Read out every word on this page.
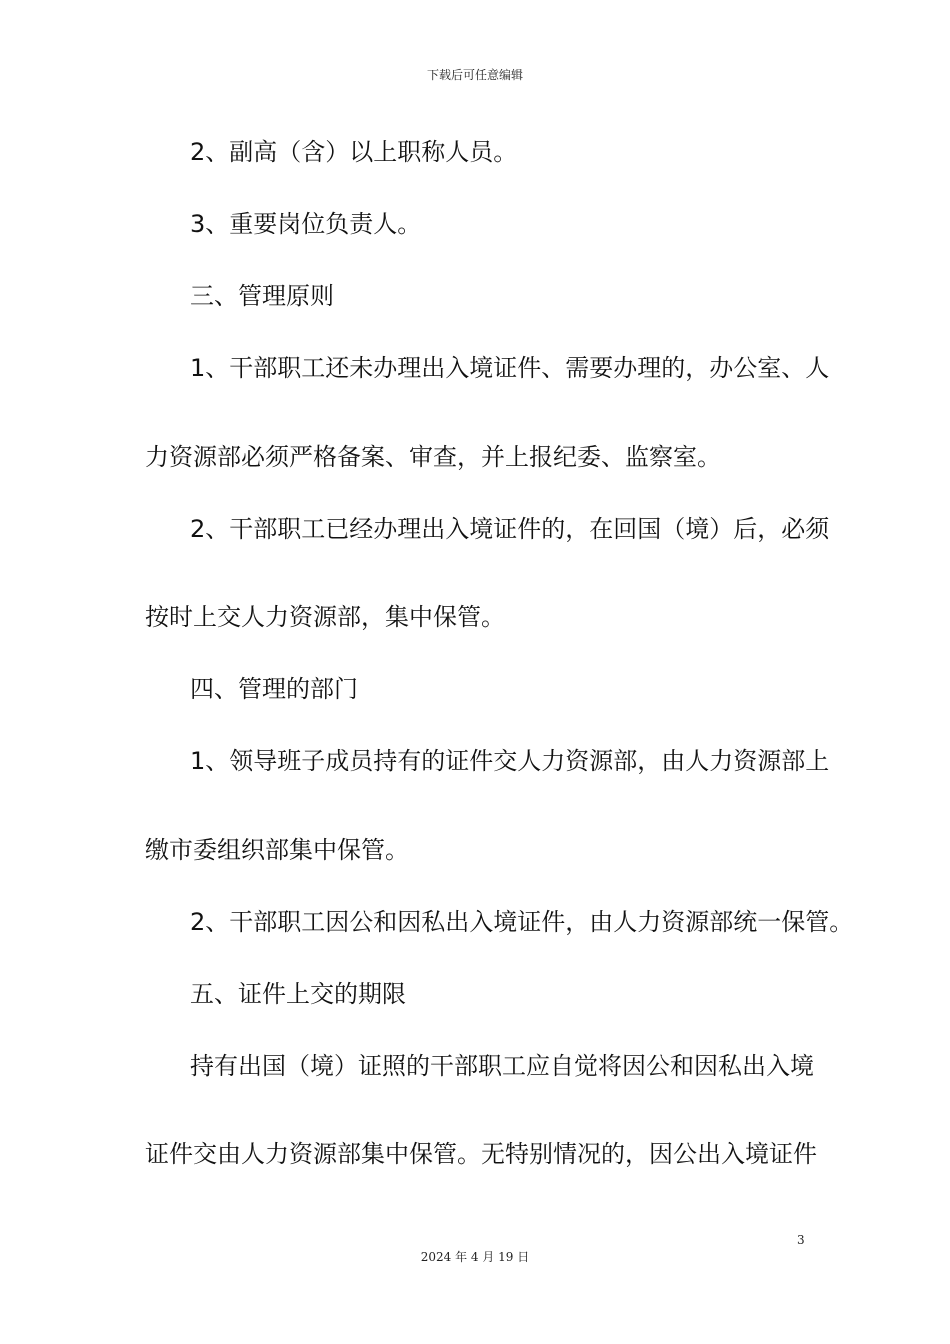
下载后可任意编辑
2、副高（含）以上职称人员。
3、重要岗位负责人。
三、管理原则
1、干部职工还未办理出入境证件、需要办理的，办公室、人
力资源部必须严格备案、审查，并上报纪委、监察室。
2、干部职工已经办理出入境证件的，在回国（境）后，必须
按时上交人力资源部，集中保管。
四、管理的部门
1、领导班子成员持有的证件交人力资源部，由人力资源部上
缴市委组织部集中保管。
2、干部职工因公和因私出入境证件，由人力资源部统一保管。
五、证件上交的期限
持有出国（境）证照的干部职工应自觉将因公和因私出入境
证件交由人力资源部集中保管。无特别情况的，因公出入境证件
3
2024 年 4 月 19 日
